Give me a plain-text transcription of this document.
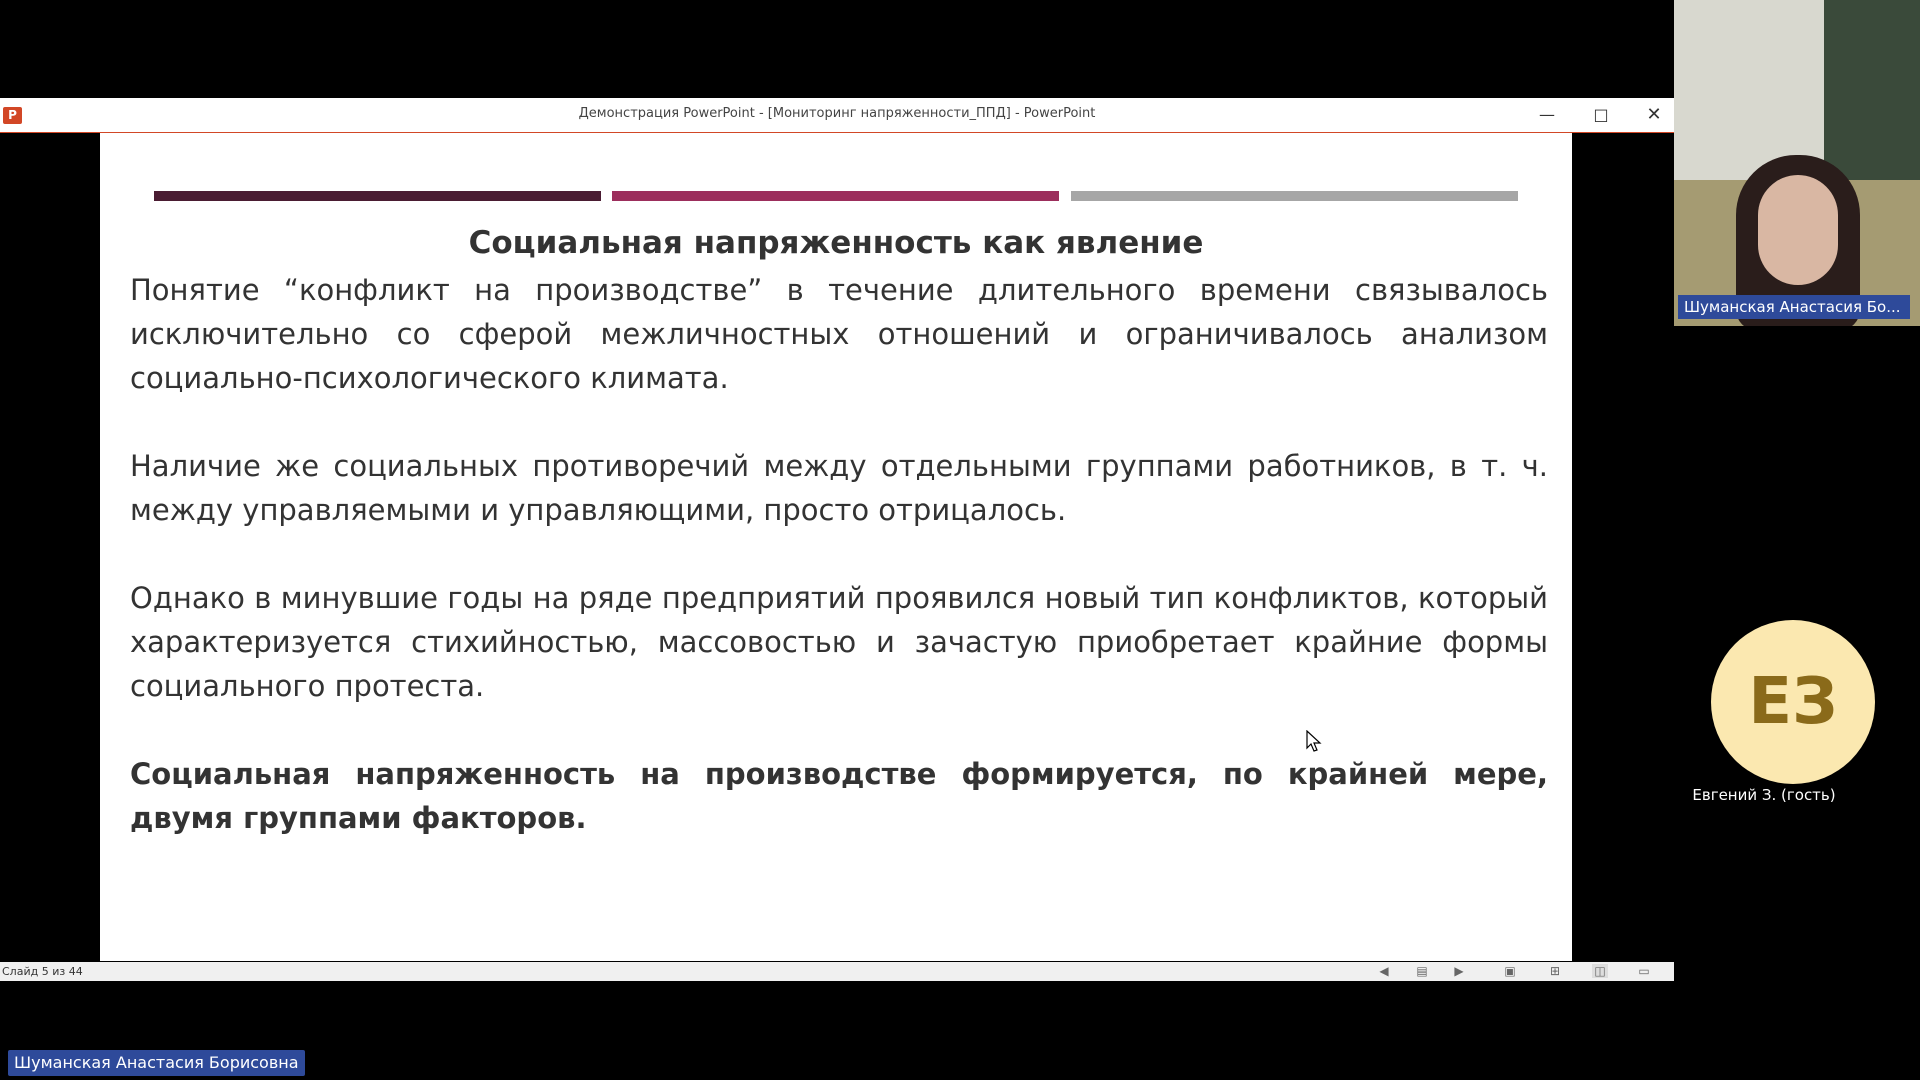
P	Демонстрация PowerPoint - [Мониторинг напряженности_ППД] - PowerPoint	—	□	✕
Социальная напряженность как явление

Понятие “конфликт на производстве” в течение длительного времени связывалось исключительно со сферой межличностных отношений и ограничивалось анализом социально-психологического климата.

Наличие же социальных противоречий между отдельными группами работников, в т. ч. между управляемыми и управляющими, просто отрицалось.

Однако в минувшие годы на ряде предприятий проявился новый тип конфликтов, который характеризуется стихийностью, массовостью и зачастую приобретает крайние формы социального протеста.

Социальная напряженность на производстве формируется, по крайней мере, двумя группами факторов.

Слайд 5 из 44	◀ ▤ ▶	▣	⊞	◫	▭
Шуманская Анастасия Бо...
ЕЗ
Евгений З. (гость)
Шуманская Анастасия Борисовна
